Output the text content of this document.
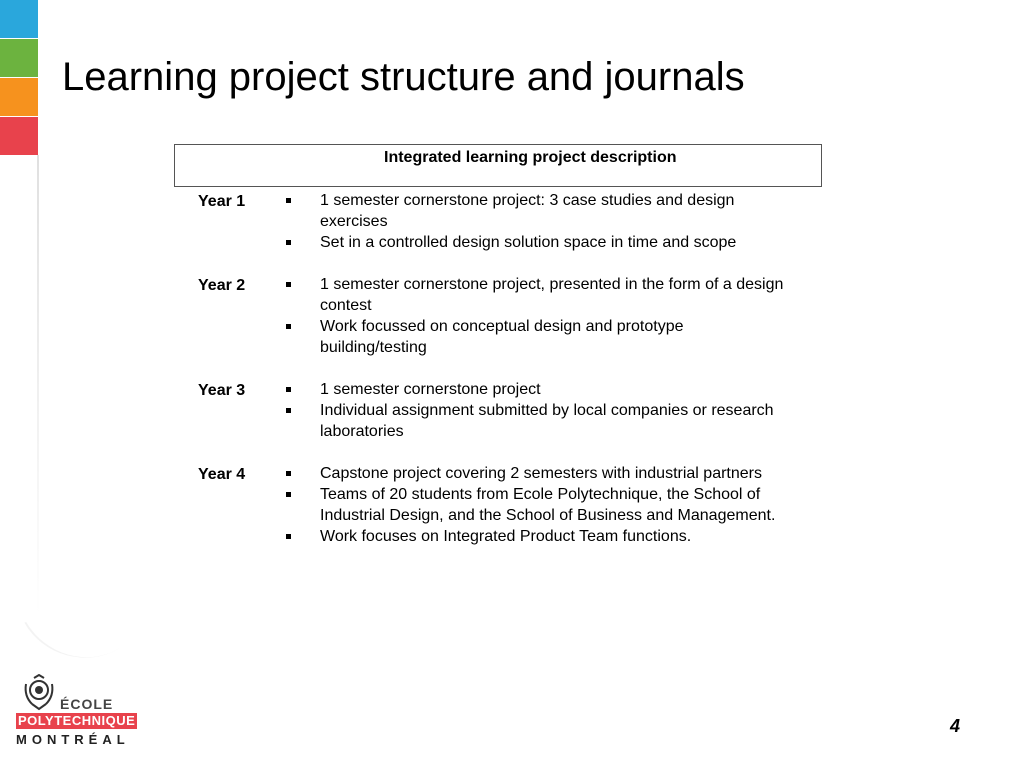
Learning project structure and journals
Integrated learning project description
Year 1	1 semester cornerstone project: 3 case studies and design exercises
Set in a controlled design solution space in time and scope
Year 2	1 semester cornerstone project, presented in the form of a design contest
Work focussed on conceptual design and prototype building/testing
Year 3	1 semester cornerstone project
Individual assignment submitted by local companies or research laboratories
Year 4	Capstone project covering 2 semesters with industrial partners
Teams of 20 students from Ecole Polytechnique, the School of Industrial Design, and the School of Business and Management.
Work focuses on Integrated Product Team functions.
ÉCOLE
POLYTECHNIQUE
MONTRÉAL
4
